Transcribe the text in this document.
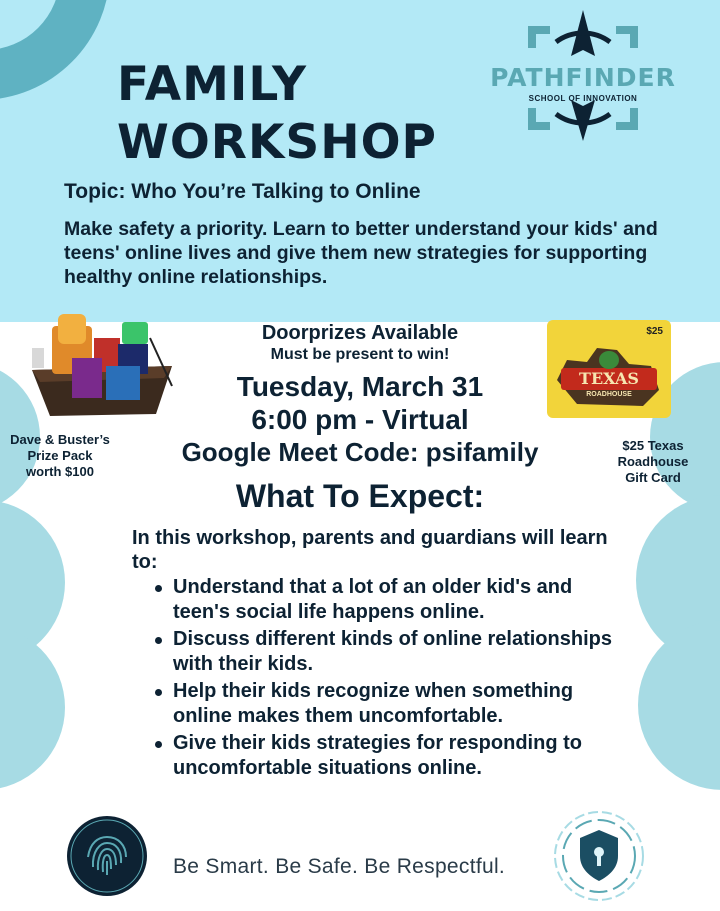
FAMILY
WORKSHOP
PATHFINDER
SCHOOL OF INNOVATION

Topic: Who You’re Talking to Online

Make safety a priority. Learn to better understand your kids' and teens' online lives and give them new strategies for supporting healthy online relationships.

Doorprizes Available
Must be present to win!
Tuesday, March 31
6:00 pm - Virtual
Google Meet Code: psifamily
What To Expect:
Dave & Buster’s
Prize Pack
worth $100
$25
TEXAS
ROADHOUSE
$25 Texas
Roadhouse
Gift Card

In this workshop, parents and guardians will learn to:

Understand that a lot of an older kid's and teen's social life happens online.
Discuss different kinds of online relationships with their kids.
Help their kids recognize when something online makes them uncomfortable.
Give their kids strategies for responding to uncomfortable situations online.

Be Smart. Be Safe. Be Respectful.
